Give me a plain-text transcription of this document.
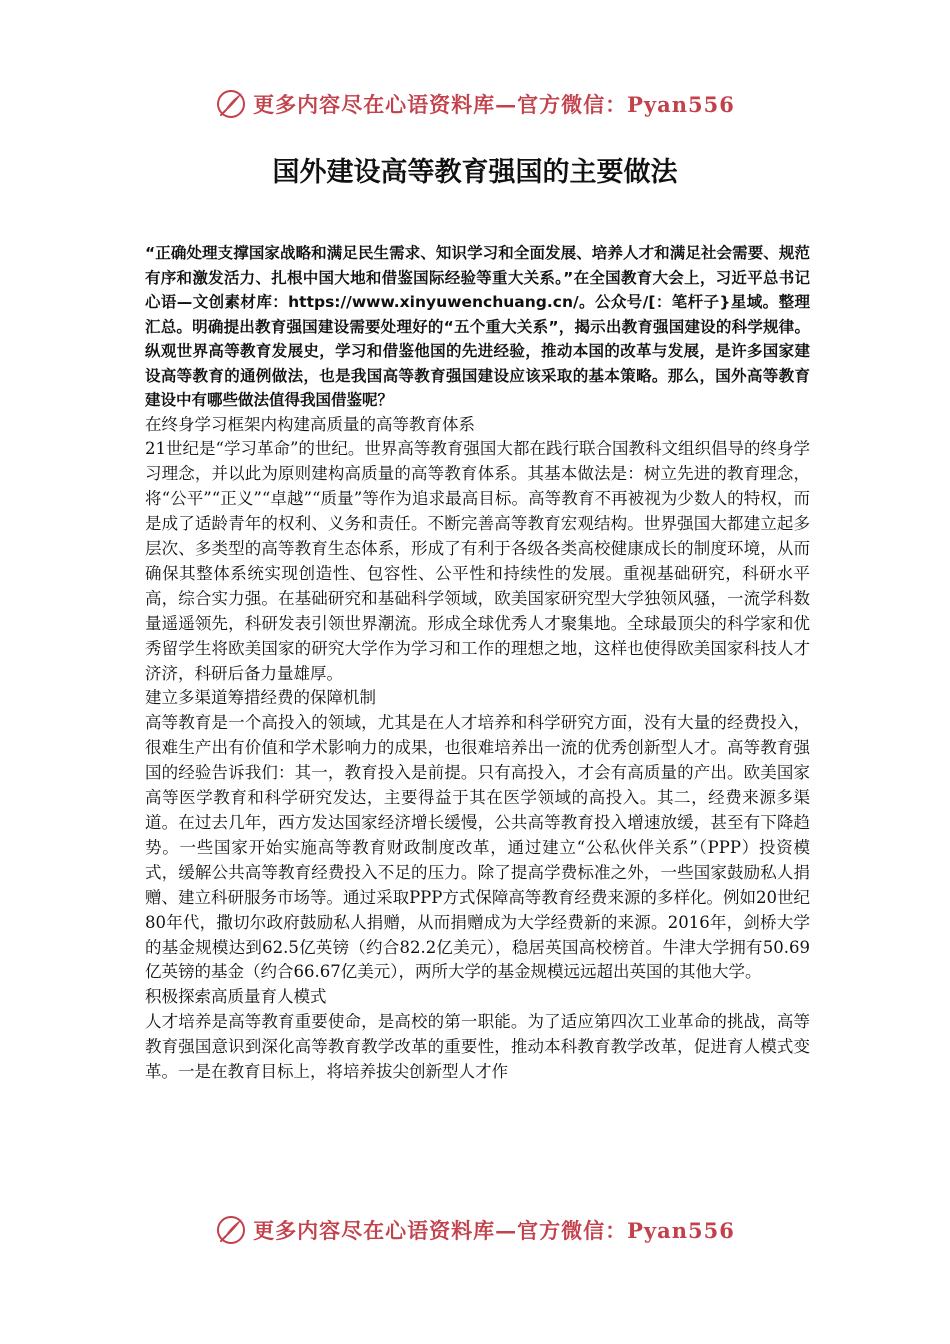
更多内容尽在心语资料库—官方微信：Pyan556
国外建设高等教育强国的主要做法

“正确处理支撑国家战略和满足民生需求、知识学习和全面发展、培养人才和满足社会需要、规范有序和激发活力、扎根中国大地和借鉴国际经验等重大关系。”在全国教育大会上，习近平总书记心语—文创素材库：https://www.xinyuwenchuang.cn/。公众号/[：笔杆子}星域。整理汇总。明确提出教育强国建设需要处理好的“五个重大关系”，揭示出教育强国建设的科学规律。纵观世界高等教育发展史，学习和借鉴他国的先进经验，推动本国的改革与发展，是许多国家建设高等教育的通例做法，也是我国高等教育强国建设应该采取的基本策略。那么，国外高等教育建设中有哪些做法值得我国借鉴呢？

在终身学习框架内构建高质量的高等教育体系

21世纪是“学习革命”的世纪。世界高等教育强国大都在践行联合国教科文组织倡导的终身学习理念，并以此为原则建构高质量的高等教育体系。其基本做法是：树立先进的教育理念，将“公平”“正义”“卓越”“质量”等作为追求最高目标。高等教育不再被视为少数人的特权，而是成了适龄青年的权利、义务和责任。不断完善高等教育宏观结构。世界强国大都建立起多层次、多类型的高等教育生态体系，形成了有利于各级各类高校健康成长的制度环境，从而确保其整体系统实现创造性、包容性、公平性和持续性的发展。重视基础研究，科研水平高，综合实力强。在基础研究和基础科学领域，欧美国家研究型大学独领风骚，一流学科数量遥遥领先，科研发表引领世界潮流。形成全球优秀人才聚集地。全球最顶尖的科学家和优秀留学生将欧美国家的研究大学作为学习和工作的理想之地，这样也使得欧美国家科技人才济济，科研后备力量雄厚。

建立多渠道筹措经费的保障机制

高等教育是一个高投入的领域，尤其是在人才培养和科学研究方面，没有大量的经费投入，很难生产出有价值和学术影响力的成果，也很难培养出一流的优秀创新型人才。高等教育强国的经验告诉我们：其一，教育投入是前提。只有高投入，才会有高质量的产出。欧美国家高等医学教育和科学研究发达，主要得益于其在医学领域的高投入。其二，经费来源多渠道。在过去几年，西方发达国家经济增长缓慢，公共高等教育投入增速放缓，甚至有下降趋势。一些国家开始实施高等教育财政制度改革，通过建立“公私伙伴关系”（PPP）投资模式，缓解公共高等教育经费投入不足的压力。除了提高学费标准之外，一些国家鼓励私人捐赠、建立科研服务市场等。通过采取PPP方式保障高等教育经费来源的多样化。例如20世纪80年代，撒切尔政府鼓励私人捐赠，从而捐赠成为大学经费新的来源。2016年，剑桥大学的基金规模达到62.5亿英镑（约合82.2亿美元），稳居英国高校榜首。牛津大学拥有50.69亿英镑的基金（约合66.67亿美元），两所大学的基金规模远远超出英国的其他大学。

积极探索高质量育人模式

人才培养是高等教育重要使命，是高校的第一职能。为了适应第四次工业革命的挑战，高等教育强国意识到深化高等教育教学改革的重要性，推动本科教育教学改革，促进育人模式变革。一是在教育目标上，将培养拔尖创新型人才作

更多内容尽在心语资料库—官方微信：Pyan556
